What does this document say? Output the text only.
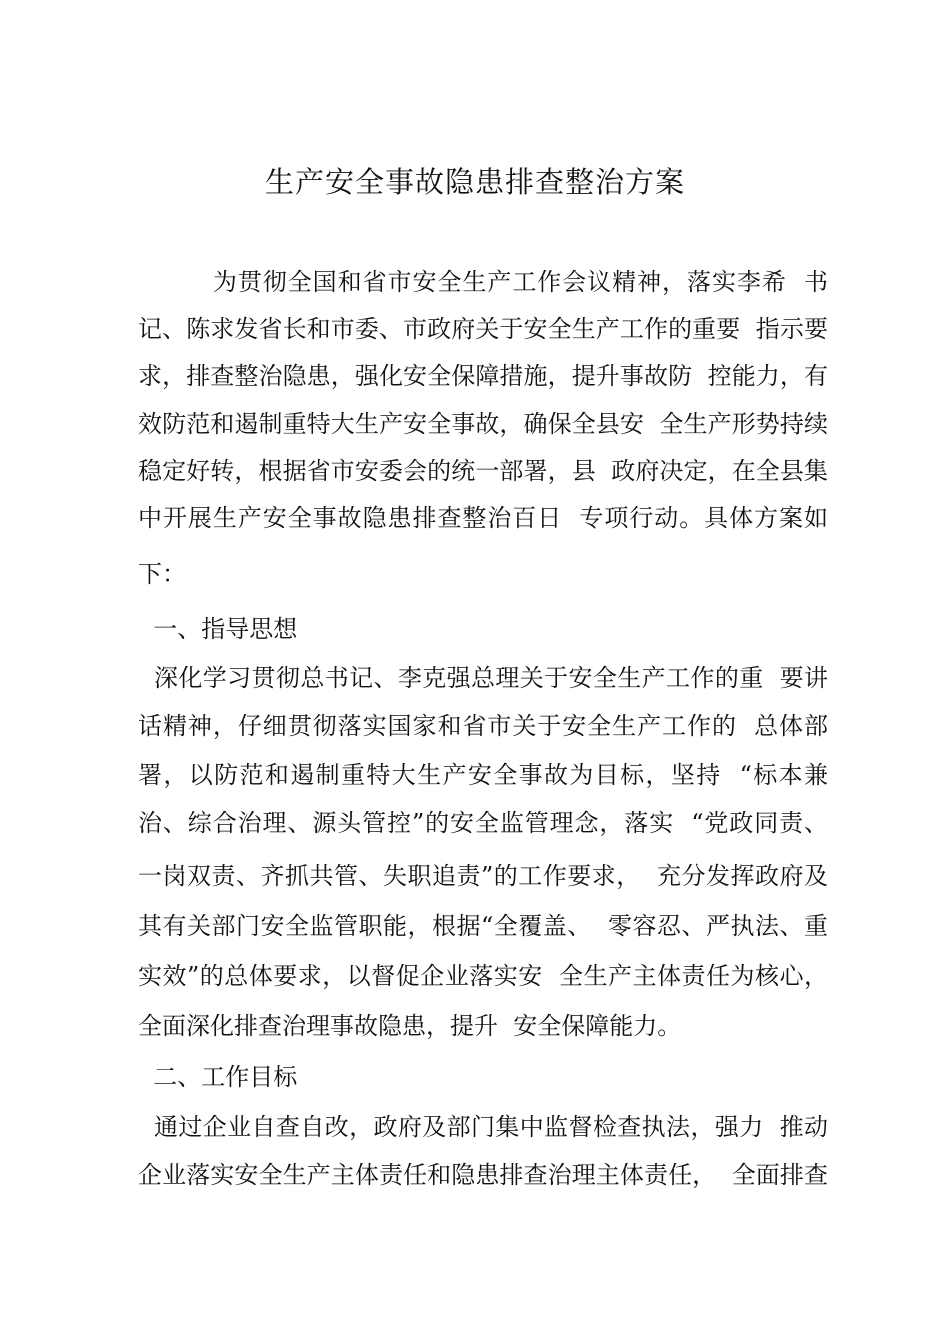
生产安全事故隐患排查整治方案

　　　为贯彻全国和省市安全生产工作会议精神，落实李希  书

记、陈求发省长和市委、市政府关于安全生产工作的重要  指示要

求，排查整治隐患，强化安全保障措施，提升事故防  控能力，有

效防范和遏制重特大生产安全事故，确保全县安  全生产形势持续

稳定好转，根据省市安委会的统一部署，县  政府决定，在全县集

中开展生产安全事故隐患排查整治百日  专项行动。具体方案如

下：

一、指导思想

深化学习贯彻总书记、李克强总理关于安全生产工作的重  要讲

话精神，仔细贯彻落实国家和省市关于安全生产工作的  总体部

署，以防范和遏制重特大生产安全事故为目标，坚持  “标本兼

治、综合治理、源头管控”的安全监管理念，落实  “党政同责、

一岗双责、齐抓共管、失职追责”的工作要求，  充分发挥政府及

其有关部门安全监管职能，根据“全覆盖、  零容忍、严执法、重

实效”的总体要求，以督促企业落实安  全生产主体责任为核心，

全面深化排查治理事故隐患，提升  安全保障能力。

二、工作目标

通过企业自查自改，政府及部门集中监督检查执法，强力  推动

企业落实安全生产主体责任和隐患排查治理主体责任，  全面排查
